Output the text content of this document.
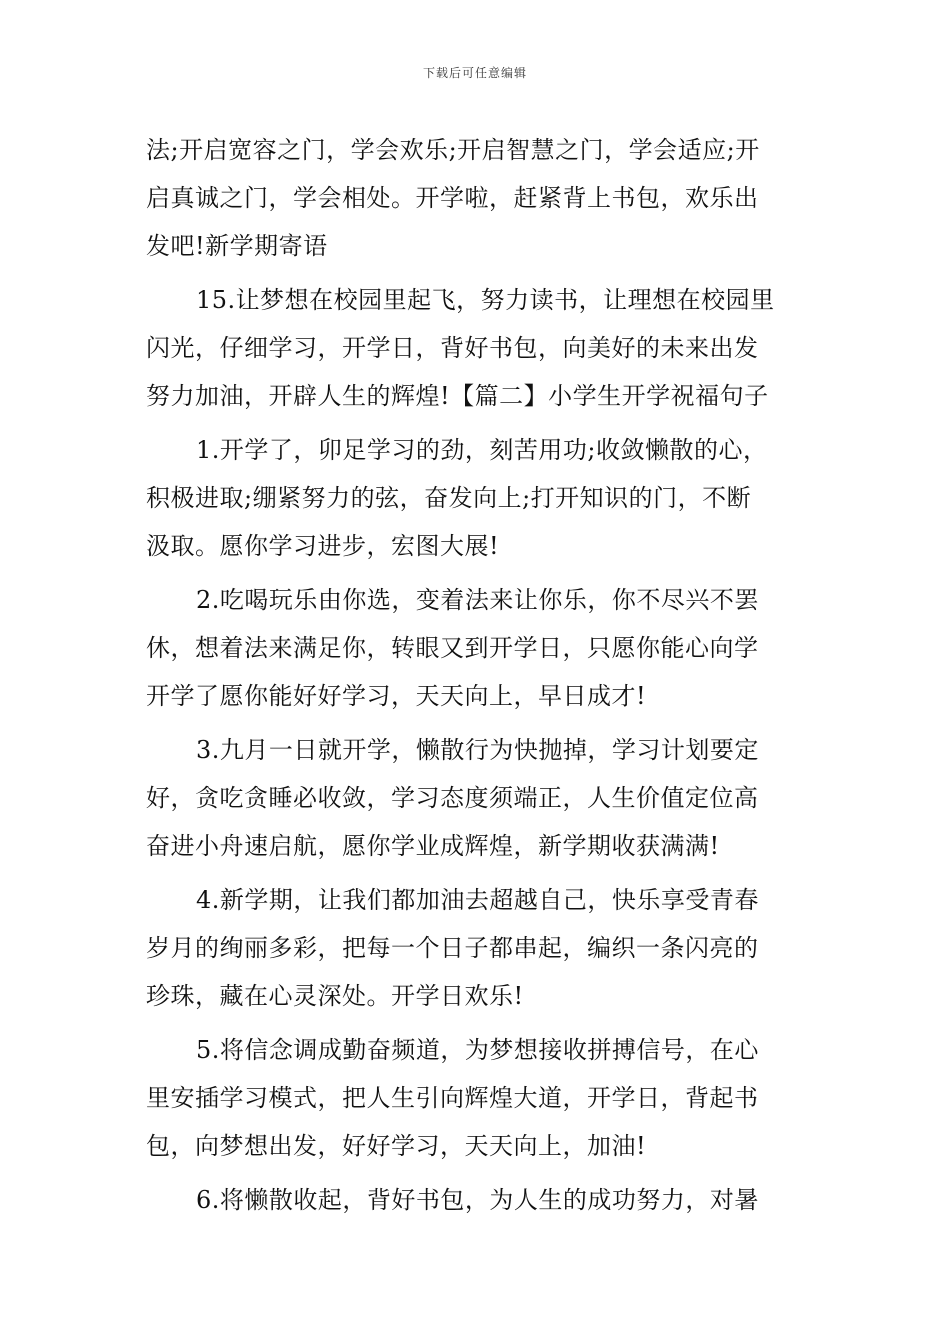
下载后可任意编辑
法;开启宽容之门，学会欢乐;开启智慧之门，学会适应;开
启真诚之门，学会相处。开学啦，赶紧背上书包，欢乐出
发吧!新学期寄语
15.让梦想在校园里起飞，努力读书，让理想在校园里
闪光，仔细学习，开学日，背好书包，向美好的未来出发
努力加油，开辟人生的辉煌!【篇二】小学生开学祝福句子
1.开学了，卯足学习的劲，刻苦用功;收敛懒散的心，
积极进取;绷紧努力的弦，奋发向上;打开知识的门，不断
汲取。愿你学习进步，宏图大展!
2.吃喝玩乐由你选，变着法来让你乐，你不尽兴不罢
休，想着法来满足你，转眼又到开学日，只愿你能心向学
开学了愿你能好好学习，天天向上，早日成才!
3.九月一日就开学，懒散行为快抛掉，学习计划要定
好，贪吃贪睡必收敛，学习态度须端正，人生价值定位高
奋进小舟速启航，愿你学业成辉煌，新学期收获满满!
4.新学期，让我们都加油去超越自己，快乐享受青春
岁月的绚丽多彩，把每一个日子都串起，编织一条闪亮的
珍珠，藏在心灵深处。开学日欢乐!
5.将信念调成勤奋频道，为梦想接收拼搏信号，在心
里安插学习模式，把人生引向辉煌大道，开学日，背起书
包，向梦想出发，好好学习，天天向上，加油!
6.将懒散收起，背好书包，为人生的成功努力，对暑
